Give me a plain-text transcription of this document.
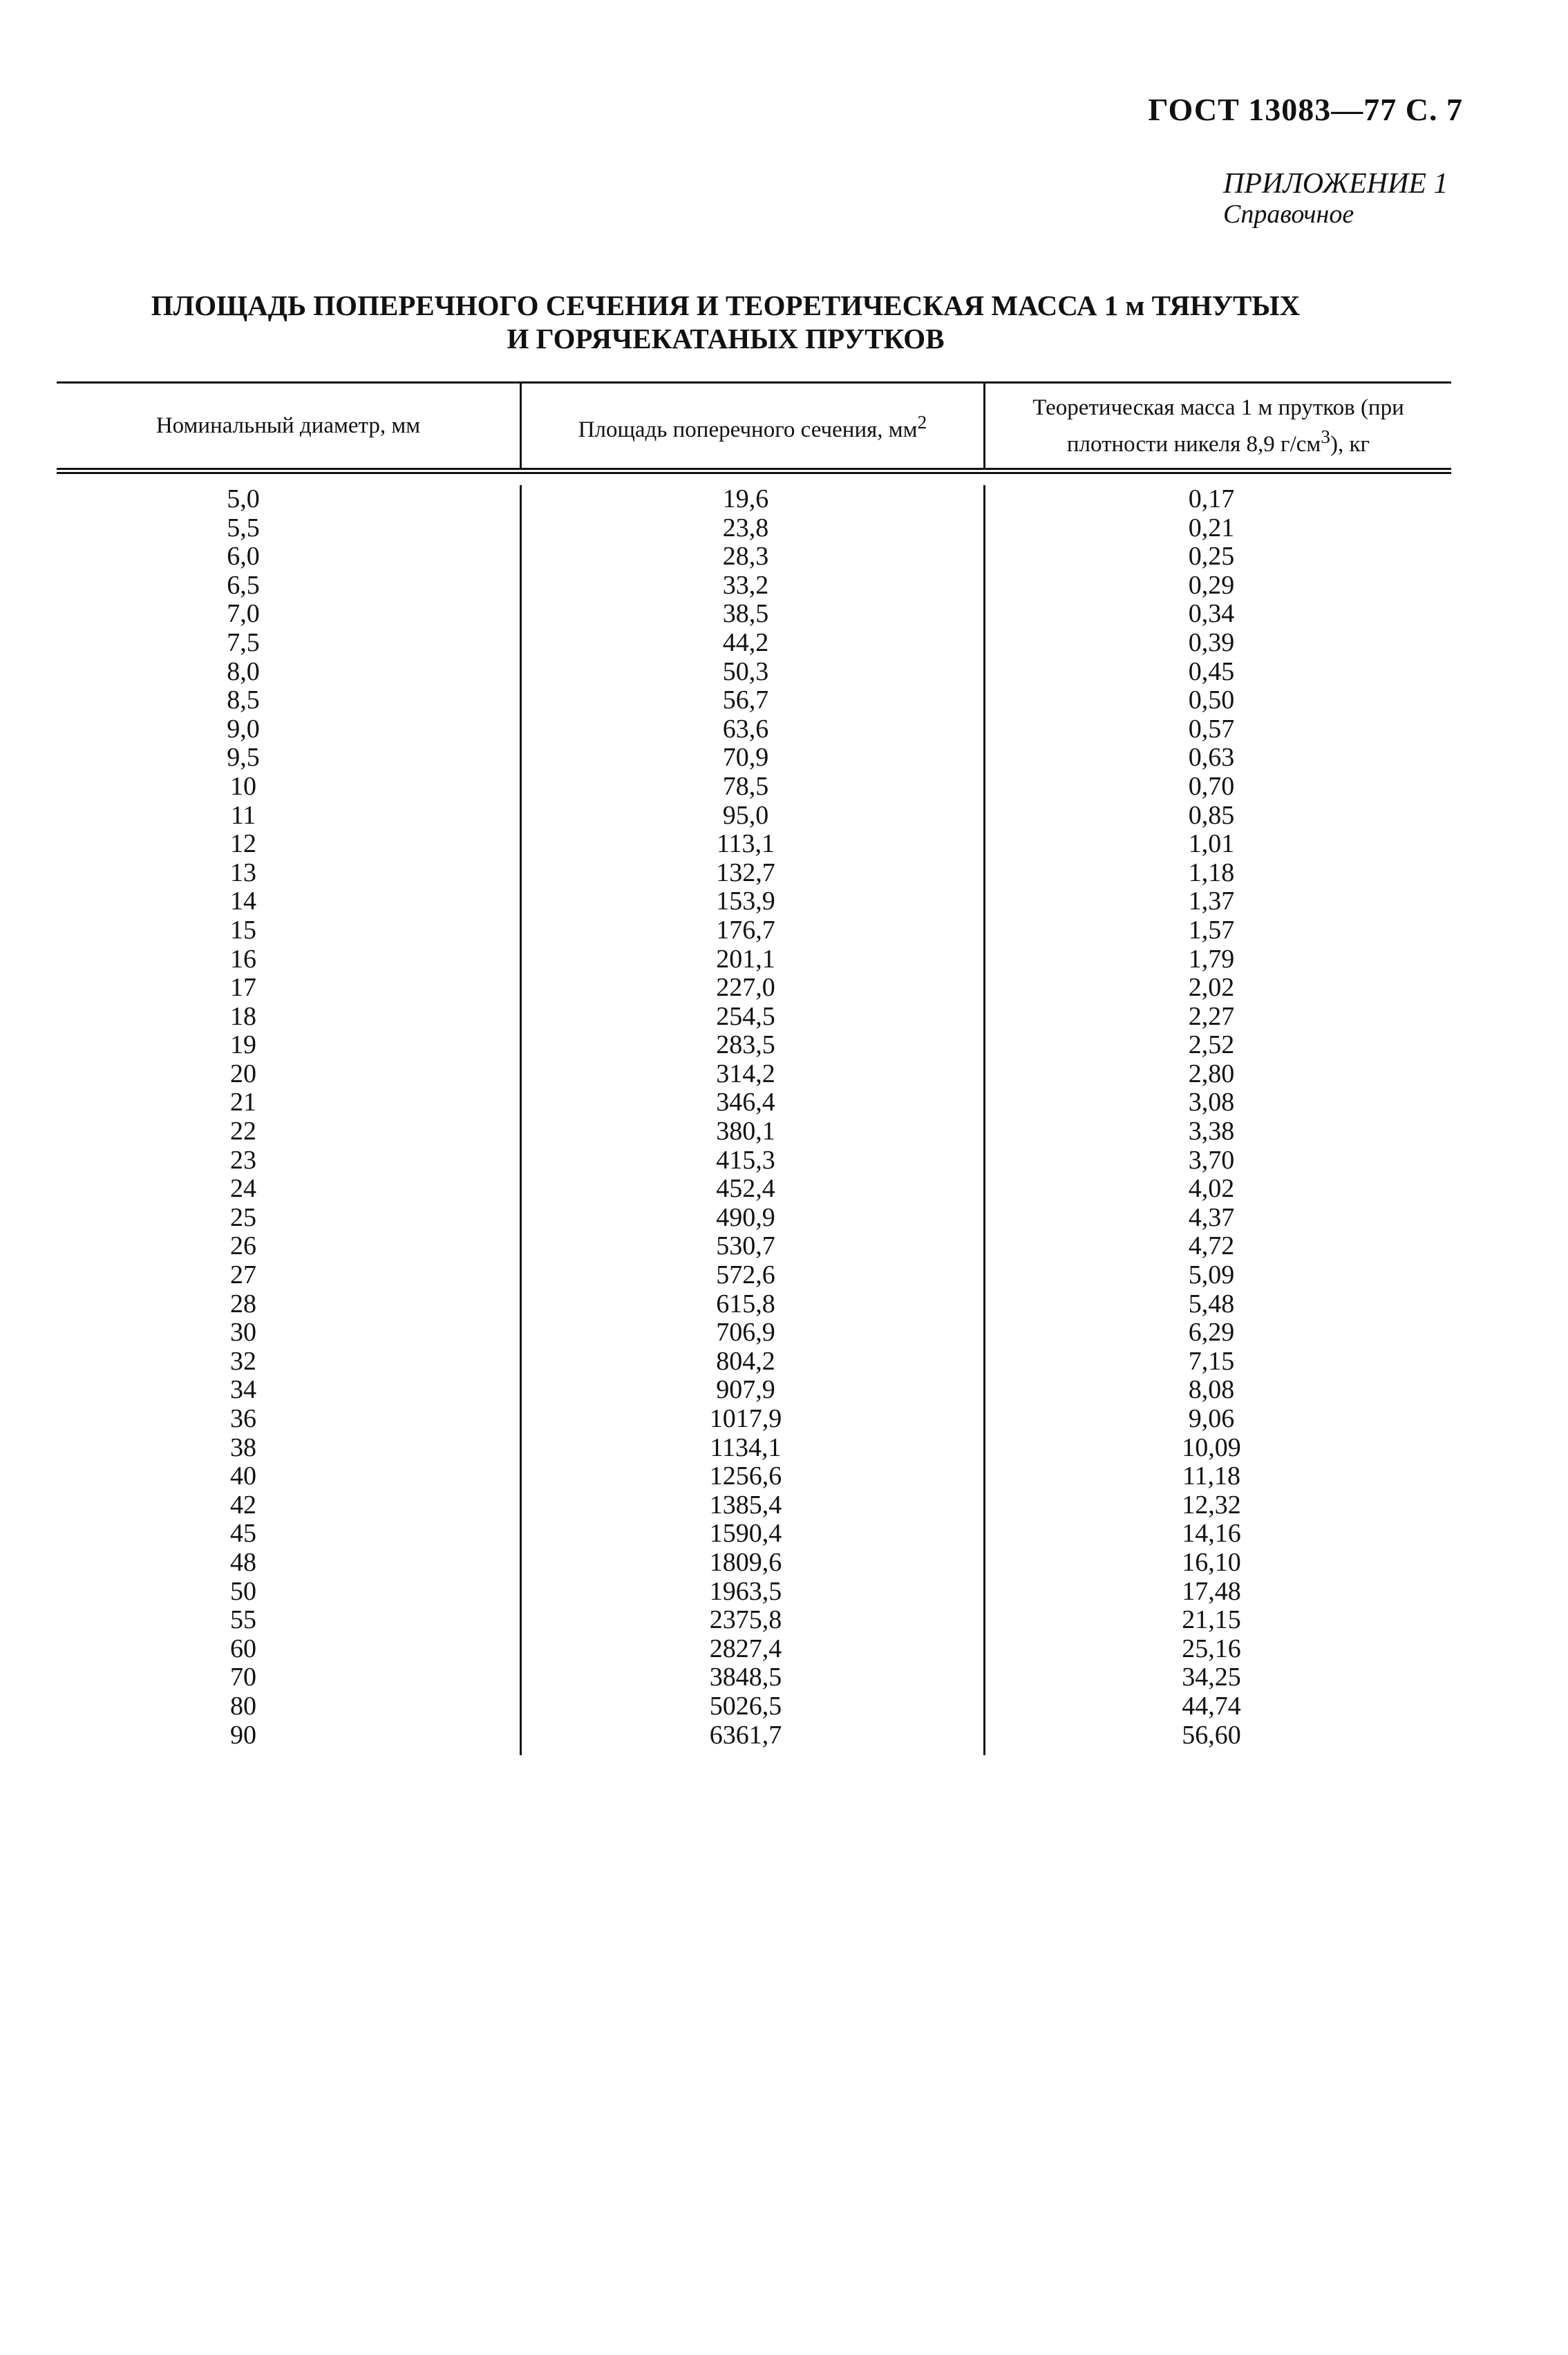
ГОСТ 13083—77 С. 7
ПРИЛОЖЕНИЕ 1
Справочное
ПЛОЩАДЬ ПОПЕРЕЧНОГО СЕЧЕНИЯ И ТЕОРЕТИЧЕСКАЯ МАССА 1 м ТЯНУТЫХ
И ГОРЯЧЕКАТАНЫХ ПРУТКОВ
Номинальный диаметр, мм	Площадь поперечного сечения, $мм^2$
Теоретическая масса 1 м прутков (при плотности никеля 8,9 $г/см^3$), кг
5,0
5,5
6,0
6,5
7,0
7,5
8,0
8,5
9,0
9,5
10
11
12
13
14
15
16
17
18
19
20
21
22
23
24
25
26
27
28
30
32
34
36
38
40
42
45
48
50
55
60
70
80
90
19,6
23,8
28,3
33,2
38,5
44,2
50,3
56,7
63,6
70,9
78,5
95,0
113,1
132,7
153,9
176,7
201,1
227,0
254,5
283,5
314,2
346,4
380,1
415,3
452,4
490,9
530,7
572,6
615,8
706,9
804,2
907,9
1017,9
1134,1
1256,6
1385,4
1590,4
1809,6
1963,5
2375,8
2827,4
3848,5
5026,5
6361,7
0,17
0,21
0,25
0,29
0,34
0,39
0,45
0,50
0,57
0,63
0,70
0,85
1,01
1,18
1,37
1,57
1,79
2,02
2,27
2,52
2,80
3,08
3,38
3,70
4,02
4,37
4,72
5,09
5,48
6,29
7,15
8,08
9,06
10,09
11,18
12,32
14,16
16,10
17,48
21,15
25,16
34,25
44,74
56,60
